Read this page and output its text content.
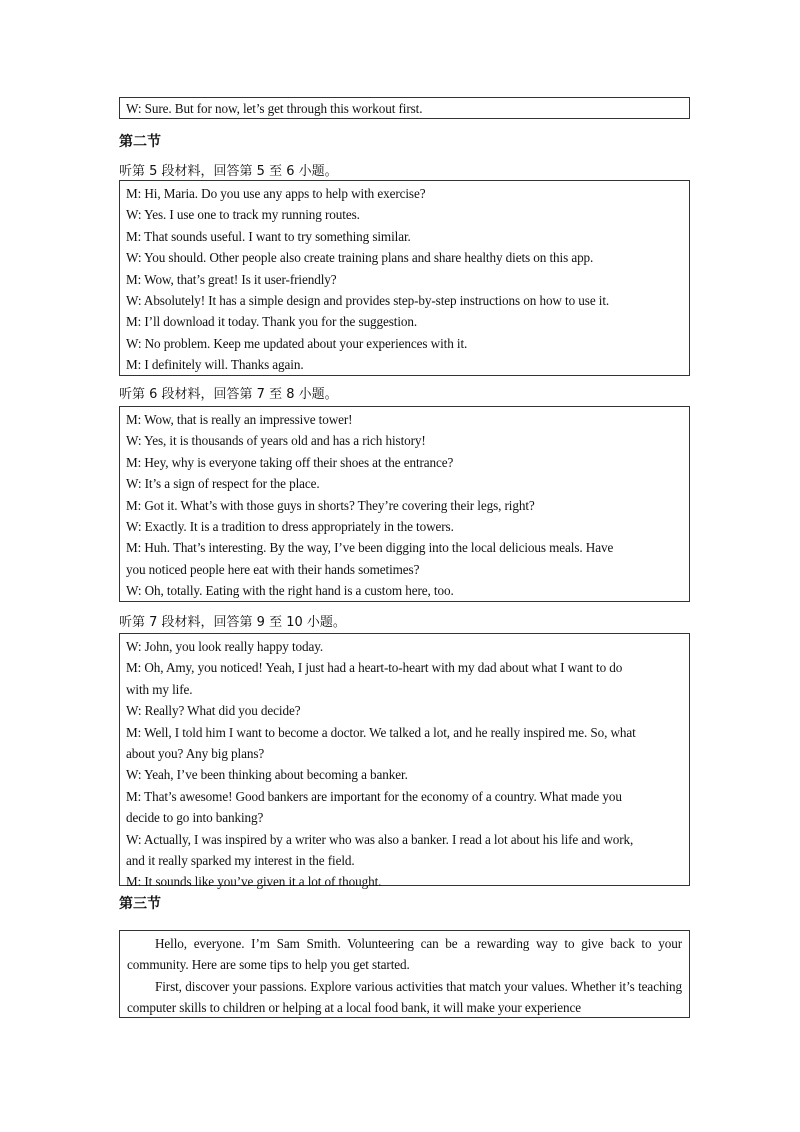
W: Sure. But for now, let’s get through this workout first.
第二节
听第 5 段材料，回答第 5 至 6 小题。
M: Hi, Maria. Do you use any apps to help with exercise?
W: Yes. I use one to track my running routes.
M: That sounds useful. I want to try something similar.
W: You should. Other people also create training plans and share healthy diets on this app.
M: Wow, that’s great! Is it user-friendly?
W: Absolutely! It has a simple design and provides step-by-step instructions on how to use it.
M: I’ll download it today. Thank you for the suggestion.
W: No problem. Keep me updated about your experiences with it.
M: I definitely will. Thanks again.
听第 6 段材料，回答第 7 至 8 小题。
M: Wow, that is really an impressive tower!
W: Yes, it is thousands of years old and has a rich history!
M: Hey, why is everyone taking off their shoes at the entrance?
W: It’s a sign of respect for the place.
M: Got it. What’s with those guys in shorts? They’re covering their legs, right?
W: Exactly. It is a tradition to dress appropriately in the towers.
M: Huh. That’s interesting. By the way, I’ve been digging into the local delicious meals. Have
you noticed people here eat with their hands sometimes?
W: Oh, totally. Eating with the right hand is a custom here, too.
听第 7 段材料，回答第 9 至 10 小题。
W: John, you look really happy today.
M: Oh, Amy, you noticed! Yeah, I just had a heart-to-heart with my dad about what I want to do
with my life.
W: Really? What did you decide?
M: Well, I told him I want to become a doctor. We talked a lot, and he really inspired me. So, what
about you? Any big plans?
W: Yeah, I’ve been thinking about becoming a banker.
M: That’s awesome! Good bankers are important for the economy of a country. What made you
decide to go into banking?
W: Actually, I was inspired by a writer who was also a banker. I read a lot about his life and work,
and it really sparked my interest in the field.
M: It sounds like you’ve given it a lot of thought.
第三节
Hello, everyone. I’m Sam Smith. Volunteering can be a rewarding way to give back to your community. Here are some tips to help you get started.
First, discover your passions. Explore various activities that match your values. Whether it’s teaching computer skills to children or helping at a local food bank, it will make your experience
